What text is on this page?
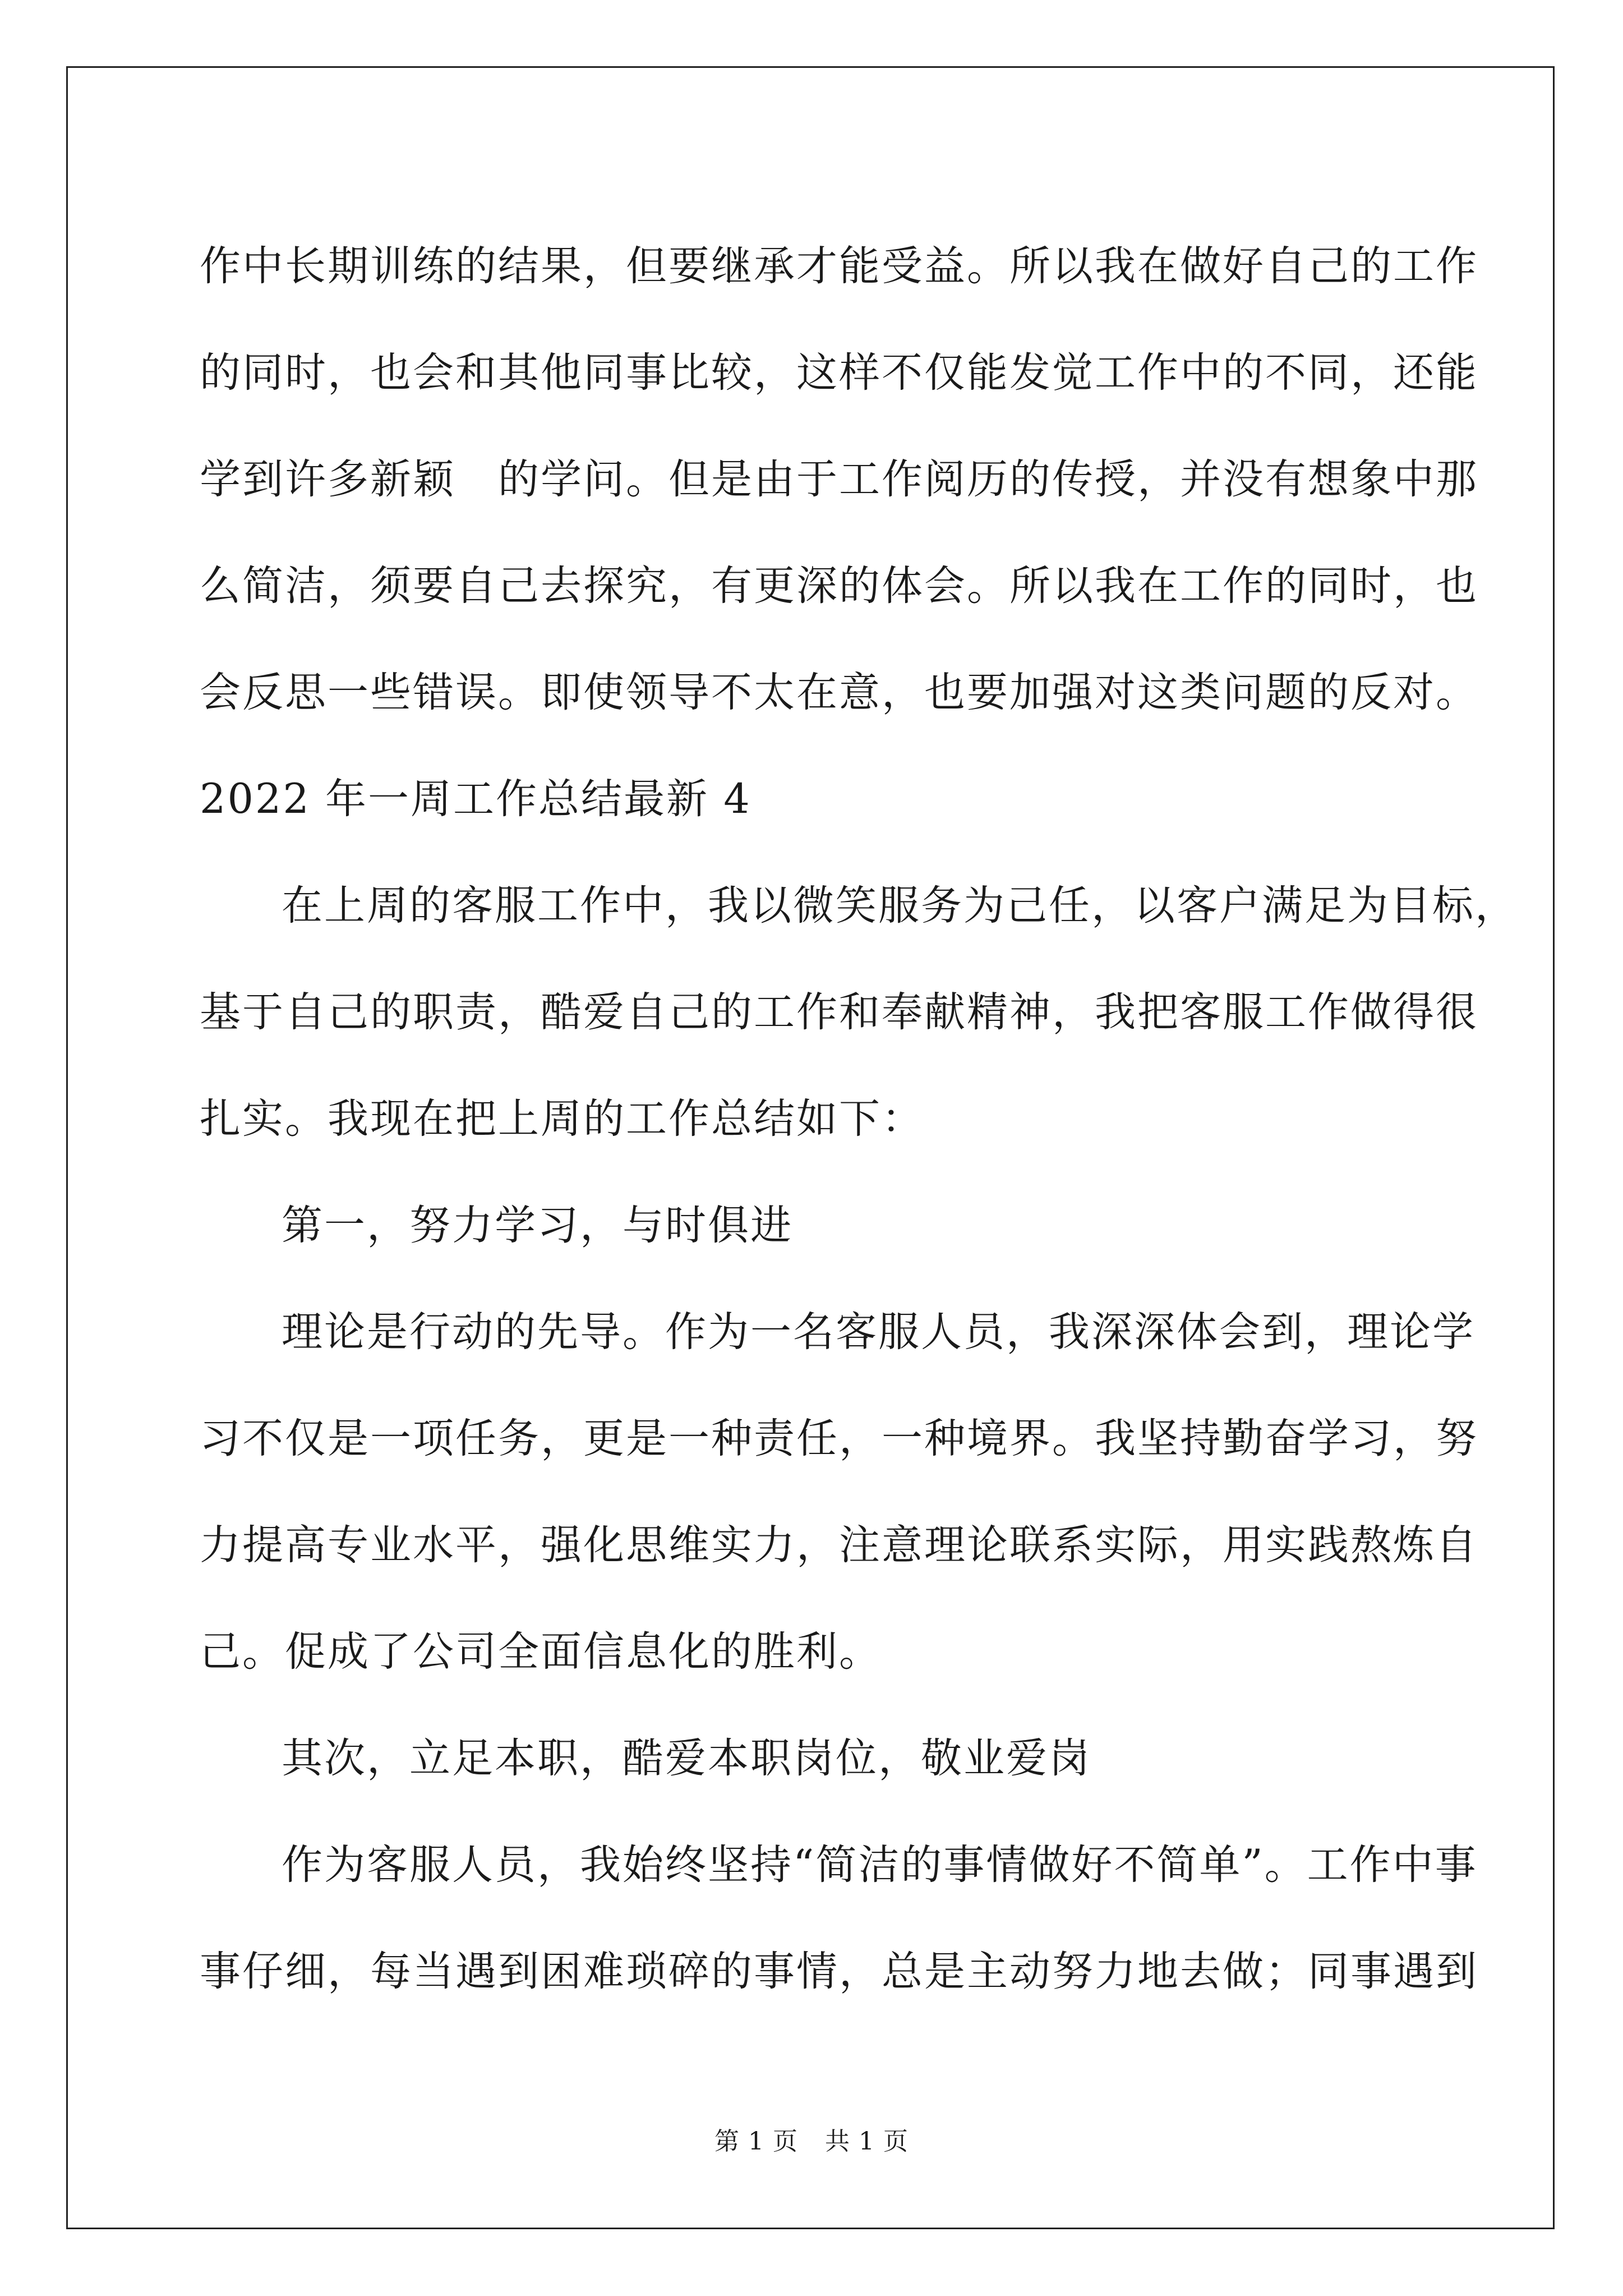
作中长期训练的结果，但要继承才能受益。所以我在做好自己的工作
的同时，也会和其他同事比较，这样不仅能发觉工作中的不同，还能
学到许多新颖　的学问。但是由于工作阅历的传授，并没有想象中那
么简洁，须要自己去探究，有更深的体会。所以我在工作的同时，也
会反思一些错误。即使领导不太在意，也要加强对这类问题的反对。
2022 年一周工作总结最新 4
在上周的客服工作中，我以微笑服务为己任，以客户满足为目标，
基于自己的职责，酷爱自己的工作和奉献精神，我把客服工作做得很
扎实。我现在把上周的工作总结如下：
第一，努力学习，与时俱进
理论是行动的先导。作为一名客服人员，我深深体会到，理论学
习不仅是一项任务，更是一种责任，一种境界。我坚持勤奋学习，努
力提高专业水平，强化思维实力，注意理论联系实际，用实践熬炼自
己。促成了公司全面信息化的胜利。
其次，立足本职，酷爱本职岗位，敬业爱岗
作为客服人员，我始终坚持“简洁的事情做好不简单”。工作中事
事仔细，每当遇到困难琐碎的事情，总是主动努力地去做；同事遇到
第 1 页 共 1 页
